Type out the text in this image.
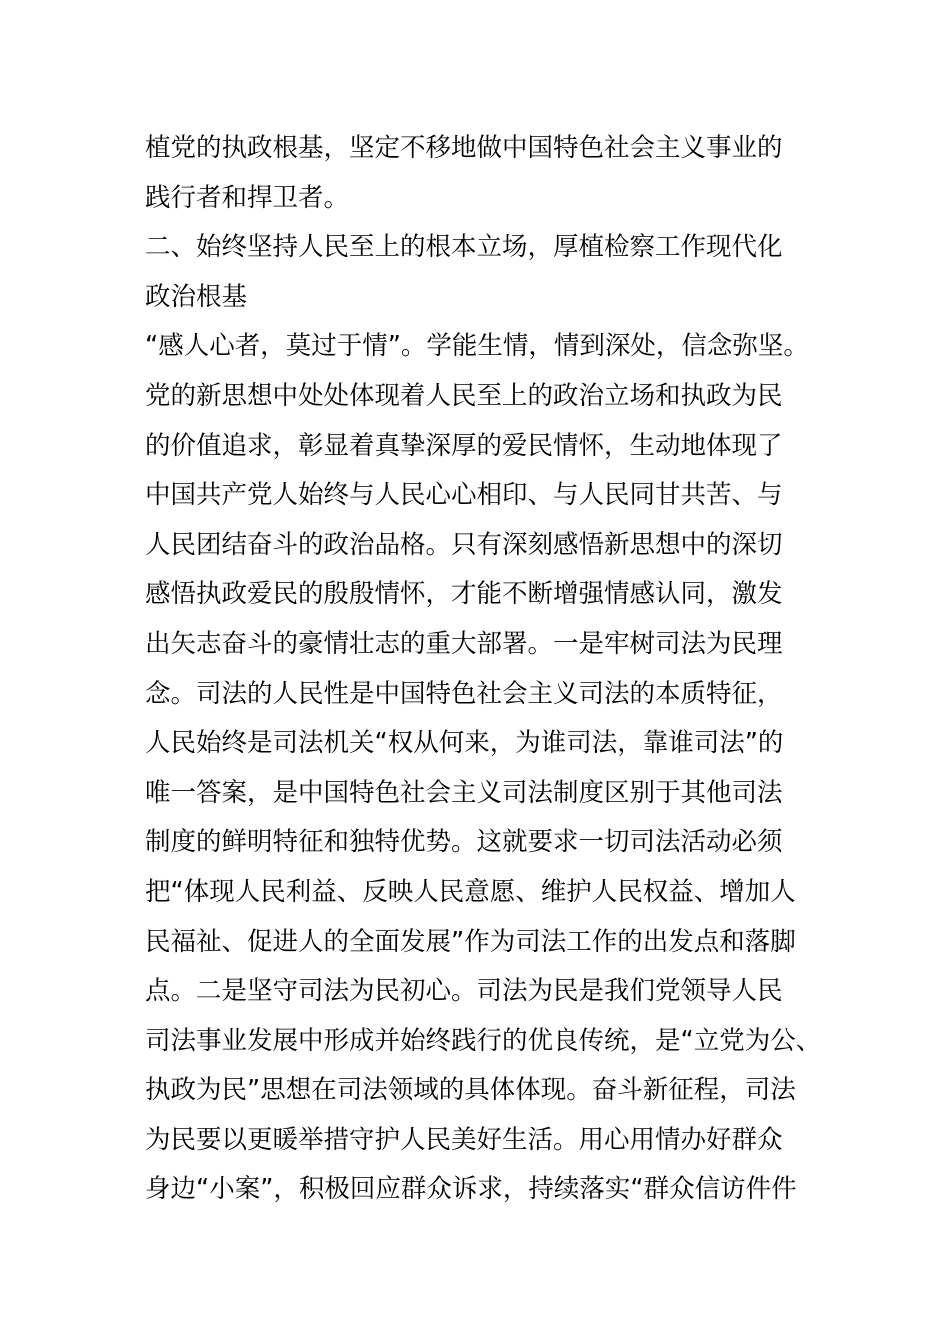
植党的执政根基，坚定不移地做中国特色社会主义事业的
践行者和捍卫者。
二、始终坚持人民至上的根本立场，厚植检察工作现代化
政治根基
“感人心者，莫过于情”。学能生情，情到深处，信念弥坚。
党的新思想中处处体现着人民至上的政治立场和执政为民
的价值追求，彰显着真挚深厚的爱民情怀，生动地体现了
中国共产党人始终与人民心心相印、与人民同甘共苦、与
人民团结奋斗的政治品格。只有深刻感悟新思想中的深切
感悟执政爱民的殷殷情怀，才能不断增强情感认同，激发
出矢志奋斗的豪情壮志的重大部署。一是牢树司法为民理
念。司法的人民性是中国特色社会主义司法的本质特征，
人民始终是司法机关“权从何来，为谁司法，靠谁司法”的
唯一答案，是中国特色社会主义司法制度区别于其他司法
制度的鲜明特征和独特优势。这就要求一切司法活动必须
把“体现人民利益、反映人民意愿、维护人民权益、增加人
民福祉、促进人的全面发展”作为司法工作的出发点和落脚
点。二是坚守司法为民初心。司法为民是我们党领导人民
司法事业发展中形成并始终践行的优良传统，是“立党为公、
执政为民”思想在司法领域的具体体现。奋斗新征程，司法
为民要以更暖举措守护人民美好生活。用心用情办好群众
身边“小案”，积极回应群众诉求，持续落实“群众信访件件
